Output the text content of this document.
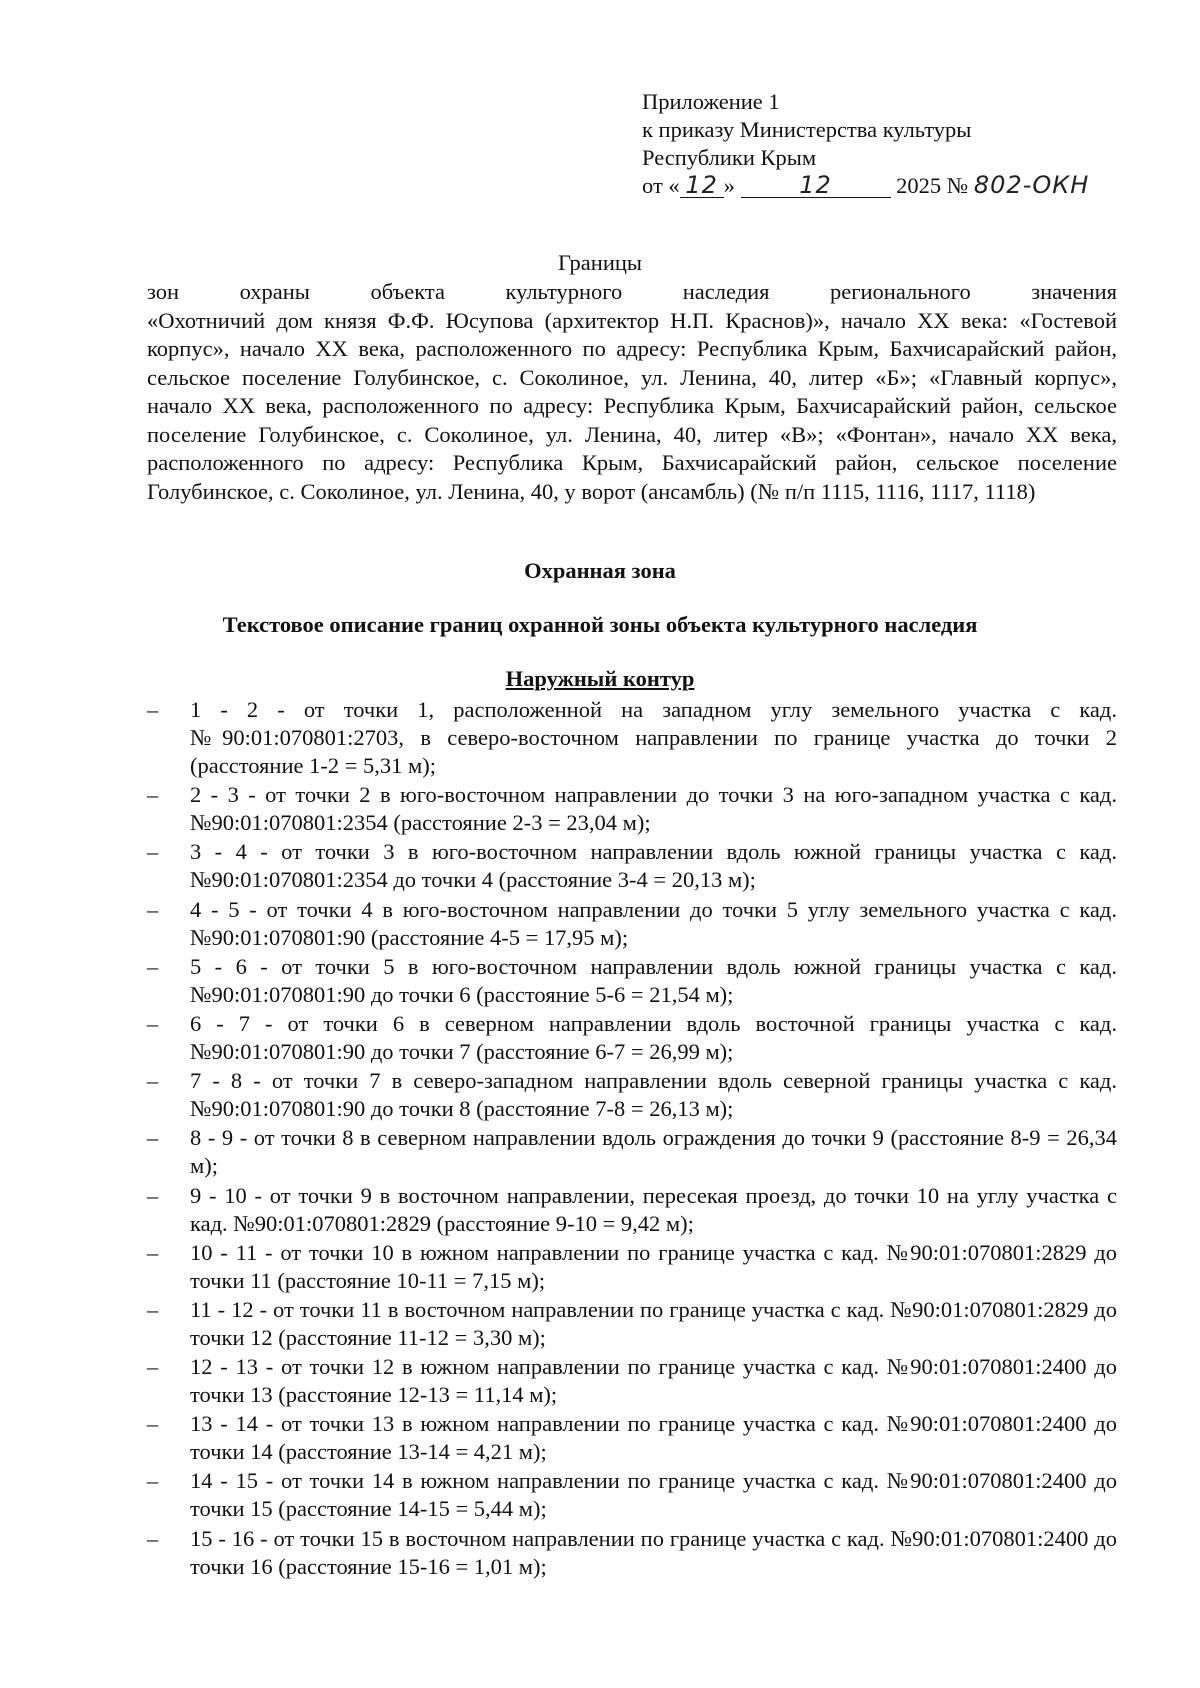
Приложение 1
к приказу Министерства культуры
Республики Крым
от « 12 »	12	2025 № 802-ОКН
Границы
зон	охраны	объекта	культурного	наследия	регионального	значения
«Охотничий дом князя Ф.Ф. Юсупова (архитектор Н.П. Краснов)», начало XX века: «Гостевой корпус», начало XX века, расположенного по адресу: Республика Крым, Бахчисарайский район, сельское поселение Голубинское, с. Соколиное, ул. Ленина, 40, литер «Б»; «Главный корпус», начало XX века, расположенного по адресу: Республика Крым, Бахчисарайский район, сельское поселение Голубинское, с. Соколиное, ул. Ленина, 40, литер «В»; «Фонтан», начало XX века, расположенного по адресу: Республика Крым, Бахчисарайский район, сельское поселение Голубинское, с. Соколиное, ул. Ленина, 40, у ворот (ансамбль) (№ п/п 1115, 1116, 1117, 1118)
Охранная зона
Текстовое описание границ охранной зоны объекта культурного наследия
Наружный контур
– 1 - 2 - от точки 1, расположенной на западном углу земельного участка с кад. №90:01:070801:2703, в северо-восточном направлении по границе участка до точки 2 (расстояние 1-2 = 5,31 м);
– 2 - 3 - от точки 2 в юго-восточном направлении до точки 3 на юго-западном участка с кад. №90:01:070801:2354 (расстояние 2-3 = 23,04 м);
– 3 - 4 - от точки 3 в юго-восточном направлении вдоль южной границы участка с кад. №90:01:070801:2354 до точки 4 (расстояние 3-4 = 20,13 м);
– 4 - 5 - от точки 4 в юго-восточном направлении до точки 5 углу земельного участка с кад. №90:01:070801:90 (расстояние 4-5 = 17,95 м);
– 5 - 6 - от точки 5 в юго-восточном направлении вдоль южной границы участка с кад. №90:01:070801:90 до точки 6 (расстояние 5-6 = 21,54 м);
– 6 - 7 - от точки 6 в северном направлении вдоль восточной границы участка с кад. №90:01:070801:90 до точки 7 (расстояние 6-7 = 26,99 м);
– 7 - 8 - от точки 7 в северо-западном направлении вдоль северной границы участка с кад. №90:01:070801:90 до точки 8 (расстояние 7-8 = 26,13 м);
– 8 - 9 - от точки 8 в северном направлении вдоль ограждения до точки 9 (расстояние 8-9 = 26,34 м);
– 9 - 10 - от точки 9 в восточном направлении, пересекая проезд, до точки 10 на углу участка с кад. №90:01:070801:2829 (расстояние 9-10 = 9,42 м);
– 10 - 11 - от точки 10 в южном направлении по границе участка с кад. №90:01:070801:2829 до точки 11 (расстояние 10-11 = 7,15 м);
– 11 - 12 - от точки 11 в восточном направлении по границе участка с кад. №90:01:070801:2829 до точки 12 (расстояние 11-12 = 3,30 м);
– 12 - 13 - от точки 12 в южном направлении по границе участка с кад. №90:01:070801:2400 до точки 13 (расстояние 12-13 = 11,14 м);
– 13 - 14 - от точки 13 в южном направлении по границе участка с кад. №90:01:070801:2400 до точки 14 (расстояние 13-14 = 4,21 м);
– 14 - 15 - от точки 14 в южном направлении по границе участка с кад. №90:01:070801:2400 до точки 15 (расстояние 14-15 = 5,44 м);
– 15 - 16 - от точки 15 в восточном направлении по границе участка с кад. №90:01:070801:2400 до точки 16 (расстояние 15-16 = 1,01 м);
